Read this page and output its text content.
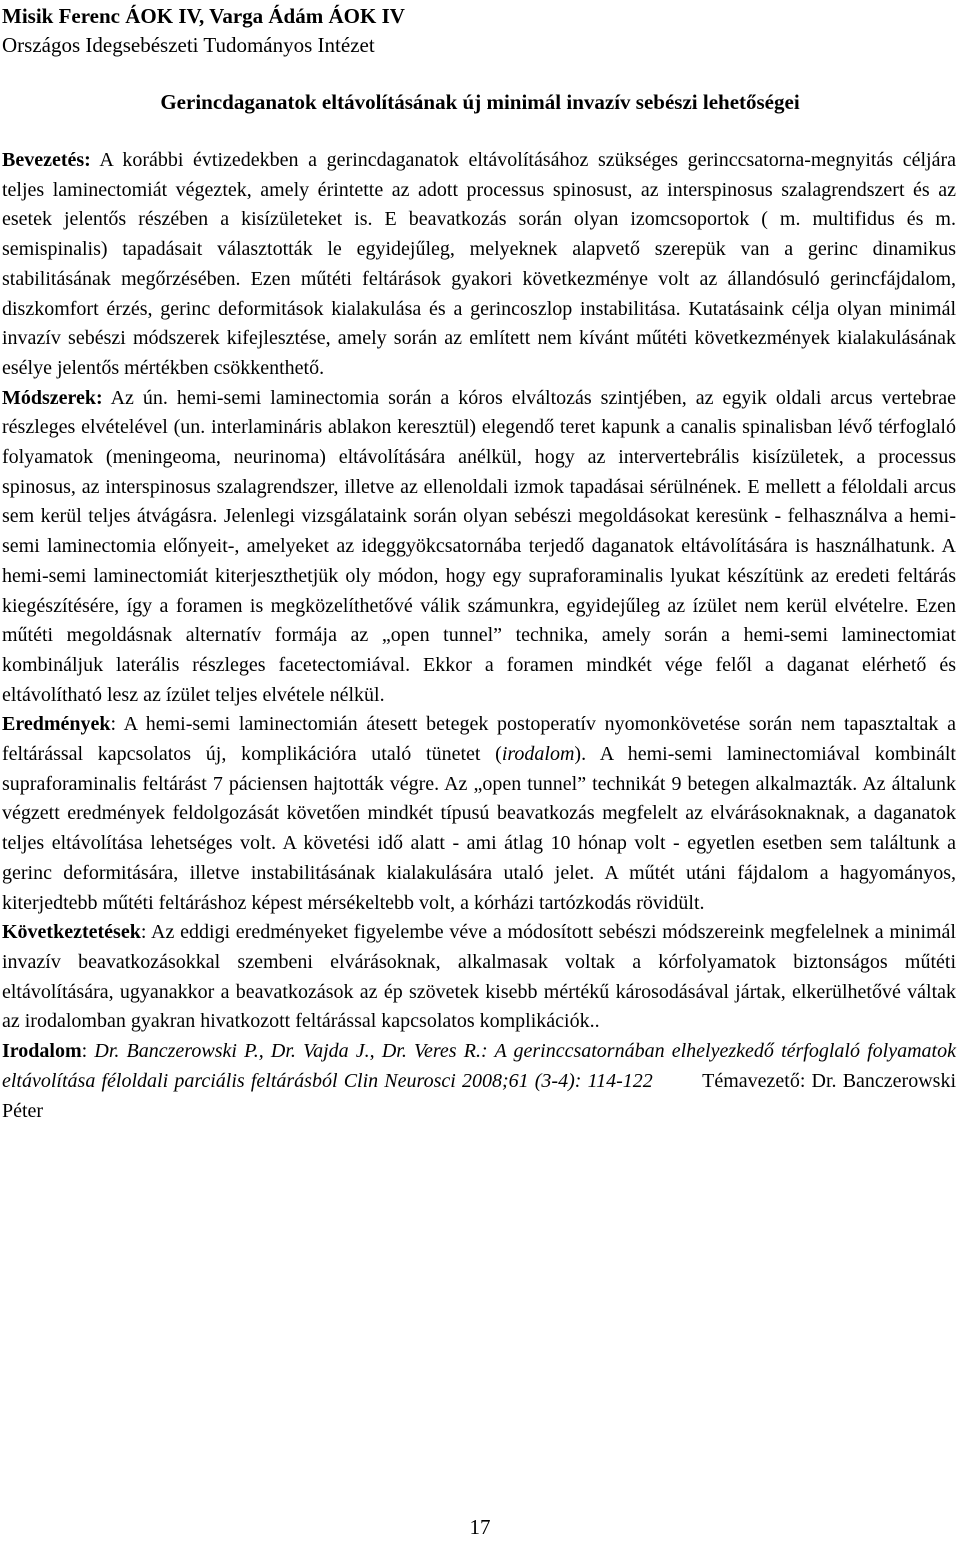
Misik Ferenc ÁOK IV, Varga Ádám ÁOK IV
Országos Idegsebészeti Tudományos Intézet
Gerincdaganatok eltávolításának új minimál invazív sebészi lehetőségei

Bevezetés: A korábbi évtizedekben a gerincdaganatok eltávolításához szükséges gerinccsatorna-megnyitás céljára teljes laminectomiát végeztek, amely érintette az adott processus spinosust, az interspinosus szalagrendszert és az esetek jelentős részében a kisízületeket is. E beavatkozás során olyan izomcsoportok ( m. multifidus és m. semispinalis) tapadásait választották le egyidejűleg, melyeknek alapvető szerepük van a gerinc dinamikus stabilitásának megőrzésében. Ezen műtéti feltárások gyakori következménye volt az állandósuló gerincfájdalom, diszkomfort érzés, gerinc deformitások kialakulása és a gerincoszlop instabilitása. Kutatásaink célja olyan minimál invazív sebészi módszerek kifejlesztése, amely során az említett nem kívánt műtéti következmények kialakulásának esélye jelentős mértékben csökkenthető.

Módszerek: Az ún. hemi-semi laminectomia során a kóros elváltozás szintjében, az egyik oldali arcus vertebrae részleges elvételével (un. interlamináris ablakon keresztül) elegendő teret kapunk a canalis spinalisban lévő térfoglaló folyamatok (meningeoma, neurinoma) eltávolítására anélkül, hogy az intervertebrális kisízületek, a processus spinosus, az interspinosus szalagrendszer, illetve az ellenoldali izmok tapadásai sérülnének. E mellett a féloldali arcus sem kerül teljes átvágásra. Jelenlegi vizsgálataink során olyan sebészi megoldásokat keresünk - felhasználva a hemi-semi laminectomia előnyeit-, amelyeket az ideggyökcsatornába terjedő daganatok eltávolítására is használhatunk. A hemi-semi laminectomiát kiterjeszthetjük oly módon, hogy egy supraforaminalis lyukat készítünk az eredeti feltárás kiegészítésére, így a foramen is megközelíthetővé válik számunkra, egyidejűleg az ízület nem kerül elvételre. Ezen műtéti megoldásnak alternatív formája az „open tunnel” technika, amely során a hemi-semi laminectomiat kombináljuk laterális részleges facetectomiával. Ekkor a foramen mindkét vége felől a daganat elérhető és eltávolítható lesz az ízület teljes elvétele nélkül.

Eredmények: A hemi-semi laminectomián átesett betegek postoperatív nyomonkövetése során nem tapasztaltak a feltárással kapcsolatos új, komplikációra utaló tünetet (irodalom). A hemi-semi laminectomiával kombinált supraforaminalis feltárást 7 páciensen hajtották végre. Az „open tunnel” technikát 9 betegen alkalmazták. Az általunk végzett eredmények feldolgozását követően mindkét típusú beavatkozás megfelelt az elvárásoknaknak, a daganatok teljes eltávolítása lehetséges volt. A követési idő alatt - ami átlag 10 hónap volt - egyetlen esetben sem találtunk a gerinc deformitására, illetve instabilitásának kialakulására utaló jelet. A műtét utáni fájdalom a hagyományos, kiterjedtebb műtéti feltáráshoz képest mérsékeltebb volt, a kórházi tartózkodás rövidült.

Következtetések: Az eddigi eredményeket figyelembe véve a módosított sebészi módszereink megfelelnek a minimál invazív beavatkozásokkal szembeni elvárásoknak, alkalmasak voltak a kórfolyamatok biztonságos műtéti eltávolítására, ugyanakkor a beavatkozások az ép szövetek kisebb mértékű károsodásával jártak, elkerülhetővé váltak az irodalomban gyakran hivatkozott feltárással kapcsolatos komplikációk..

Irodalom: Dr. Banczerowski P., Dr. Vajda J., Dr. Veres R.: A gerinccsatornában elhelyezkedő térfoglaló folyamatok eltávolítása féloldali parciális feltárásból Clin Neurosci 2008;61 (3-4): 114-122 Témavezető: Dr. Banczerowski Péter

17
